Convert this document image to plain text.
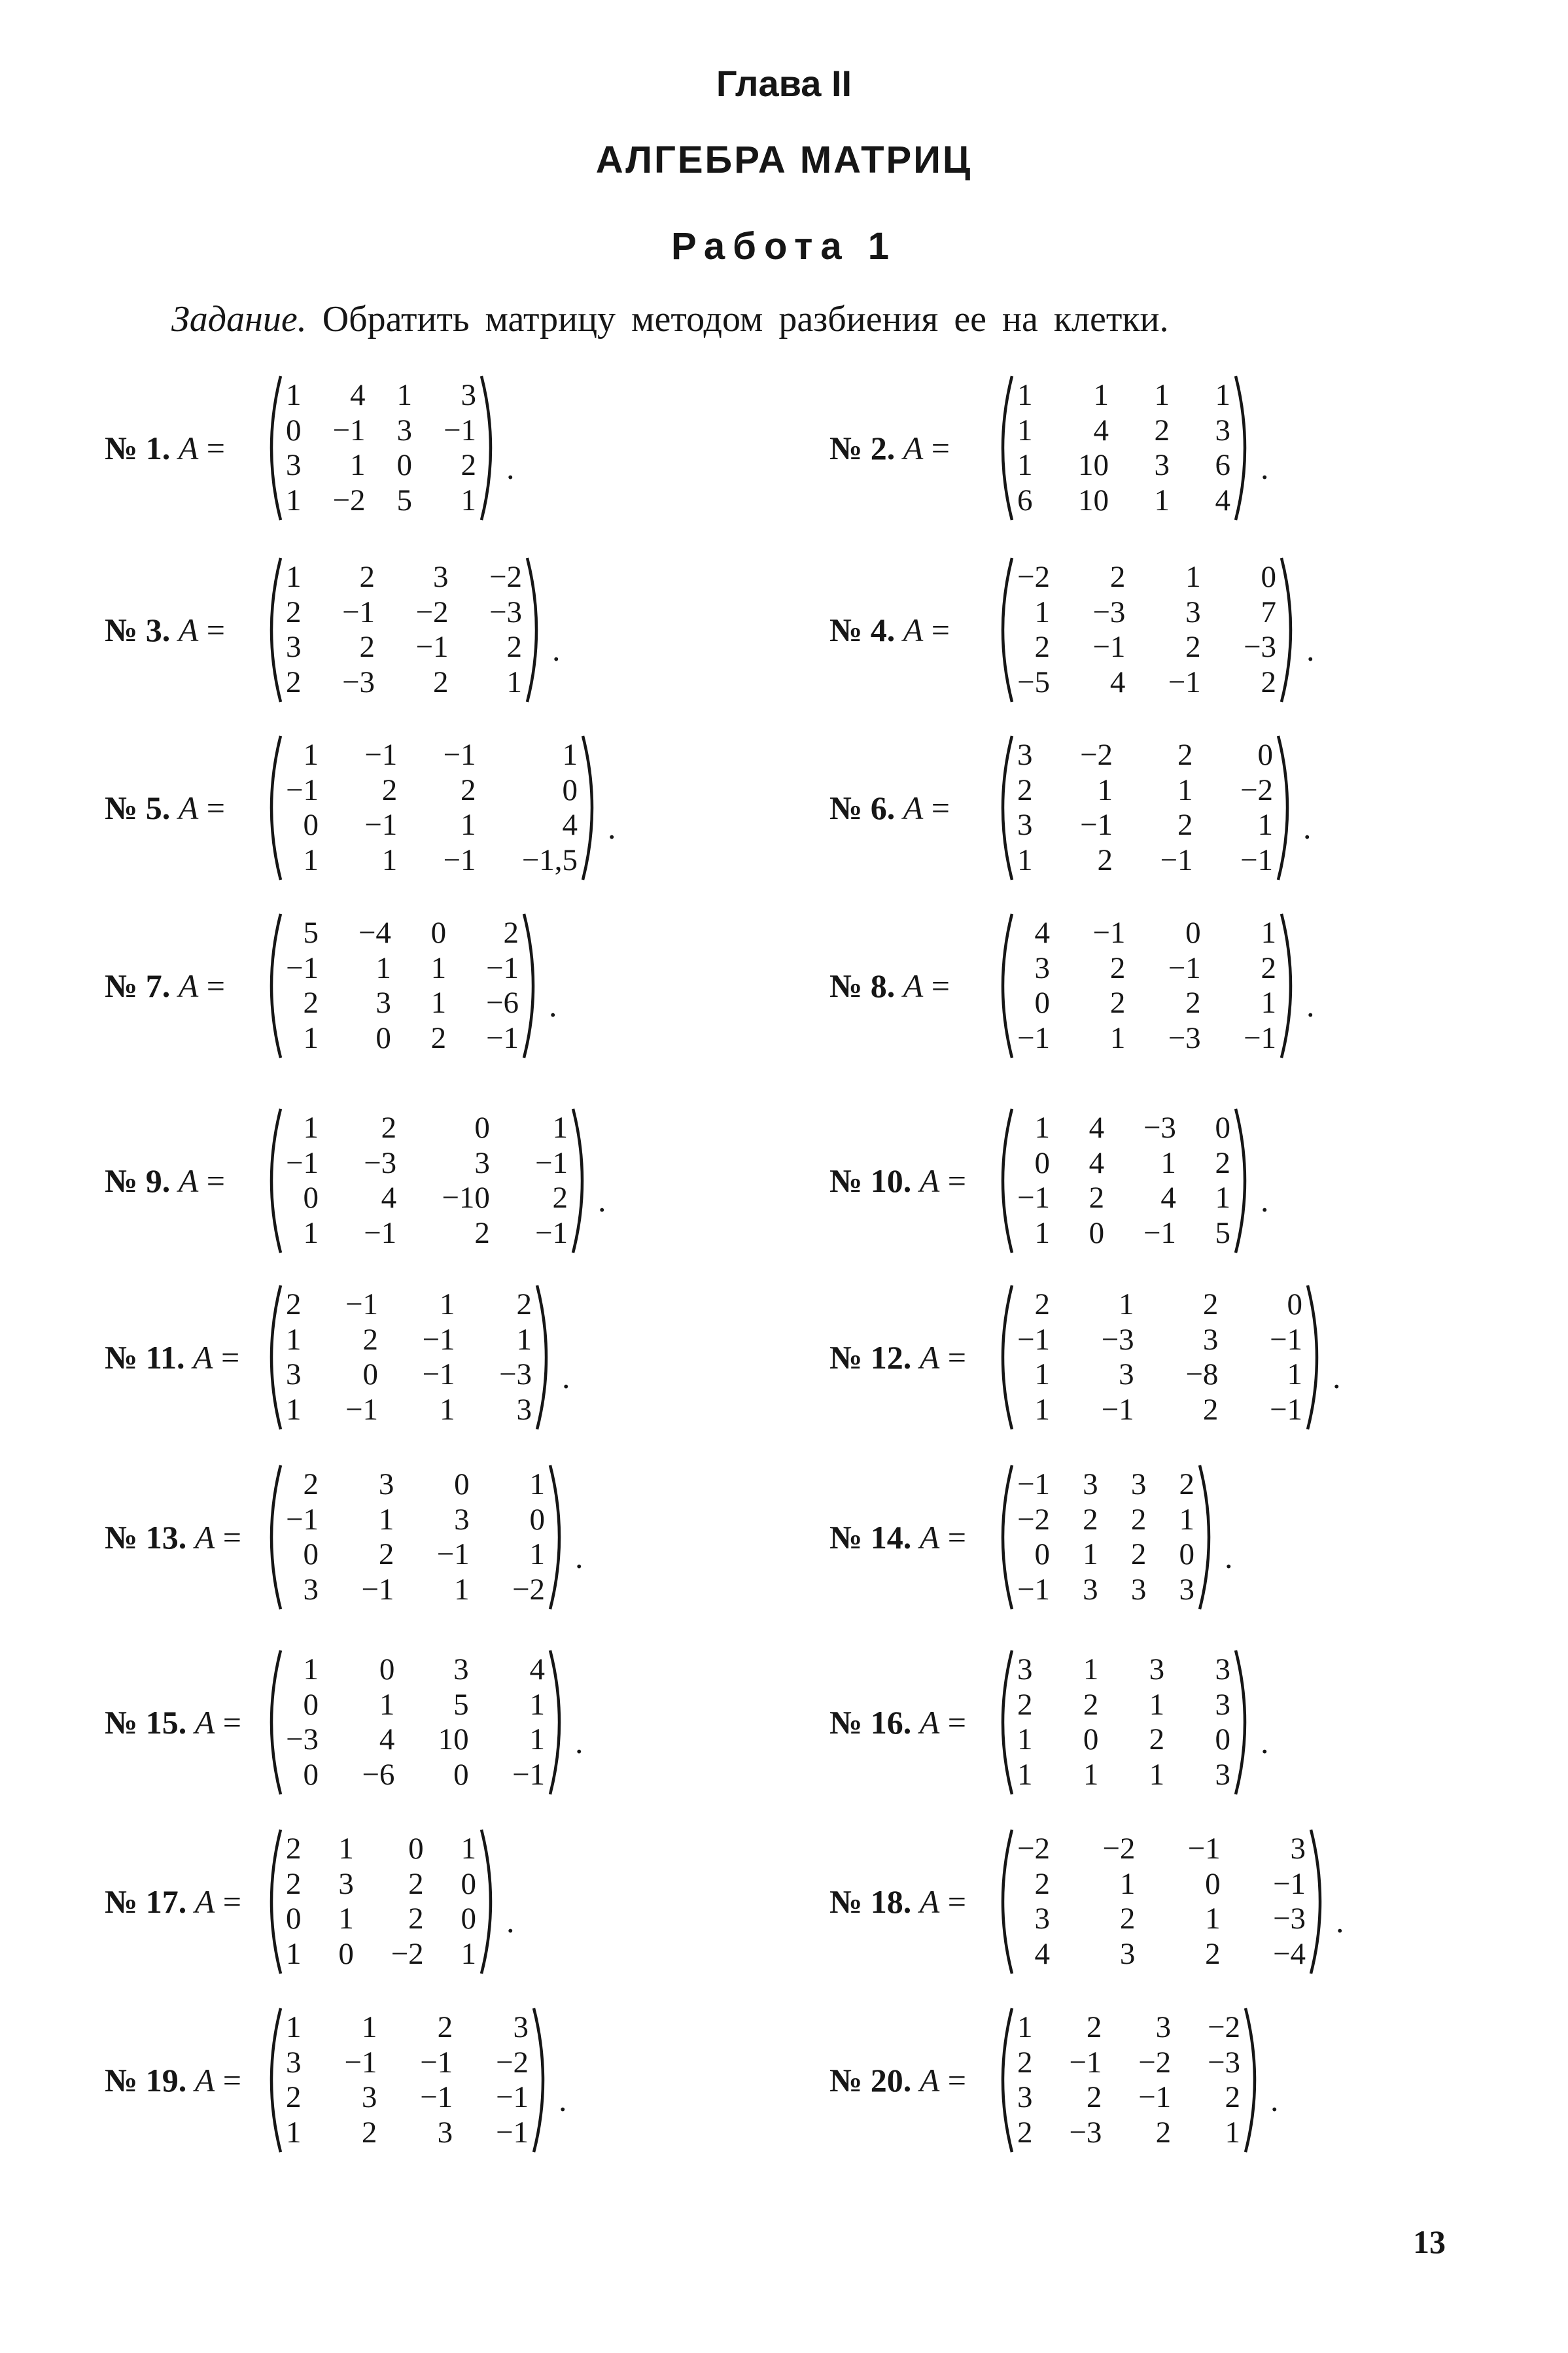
Глава II
АЛГЕБРА МАТРИЦ
Работа 1
Задание. Обратить матрицу методом разбиения ее на клетки.
№ 1. A =
1	4 1	3
0 −1 3 −1
3	1 0	2
1 −2 5	1
.
№ 2. A =
1	1 1 1
1	4 2 3
1 10 3 6
6 10 1 4
.
№ 3. A =
1	2	3 −2
2 −1 −2 −3
3	2 −1	2
2 −3	2	1
.
№ 4. A =
−2	2	1	0
1 −3	3	7
2 −1	2 −3
−5	4 −1	2
.
№ 5. A =
1 −1 −1	1
−1	2	2	0
0 −1	1	4
1	1 −1 −1,5
.
№ 6. A =
3 −2	2	0
2	1	1 −2
3 −1	2	1
1	2 −1 −1
.
№ 7. A =
5 −4 0	2
−1	1 1 −1
2	3 1 −6
1	0 2 −1
.
№ 8. A =
4 −1	0	1
3	2 −1	2
0	2	2	1
−1	1 −3 −1
.
№ 9. A =
1	2	0	1
−1 −3	3 −1
0	4 −10	2
1 −1	2 −1
.
№ 10. A =
1 4 −3 0
0 4	1 2
−1 2	4 1
1 0 −1 5
.
№ 11. A =
2 −1	1	2
1	2 −1	1
3	0 −1 −3
1 −1	1	3
.
№ 12. A =
2	1	2	0
−1 −3	3 −1
1	3 −8	1
1 −1	2 −1
.
№ 13. A =
2	3	0	1
−1	1	3	0
0	2 −1	1
3 −1	1 −2
.
№ 14. A =
−1 3 3 2
−2 2 2 1
0 1 2 0
−1 3 3 3
.
№ 15. A =
1	0	3	4
0	1	5	1
−3	4 10	1
0 −6	0 −1
.
№ 16. A =
3 1 3 3
2 2 1 3
1 0 2 0
1 1 1 3
.
№ 17. A =
2 1	0 1
2 3	2 0
0 1	2 0
1 0 −2 1
.
№ 18. A =
−2 −2 −1	3
2	1	0 −1
3	2	1 −3
4	3	2 −4
.
№ 19. A =
1	1	2	3
3 −1 −1 −2
2	3 −1 −1
1	2	3 −1
.
№ 20. A =
1	2	3 −2
2 −1 −2 −3
3	2 −1	2
2 −3	2	1
.
13
